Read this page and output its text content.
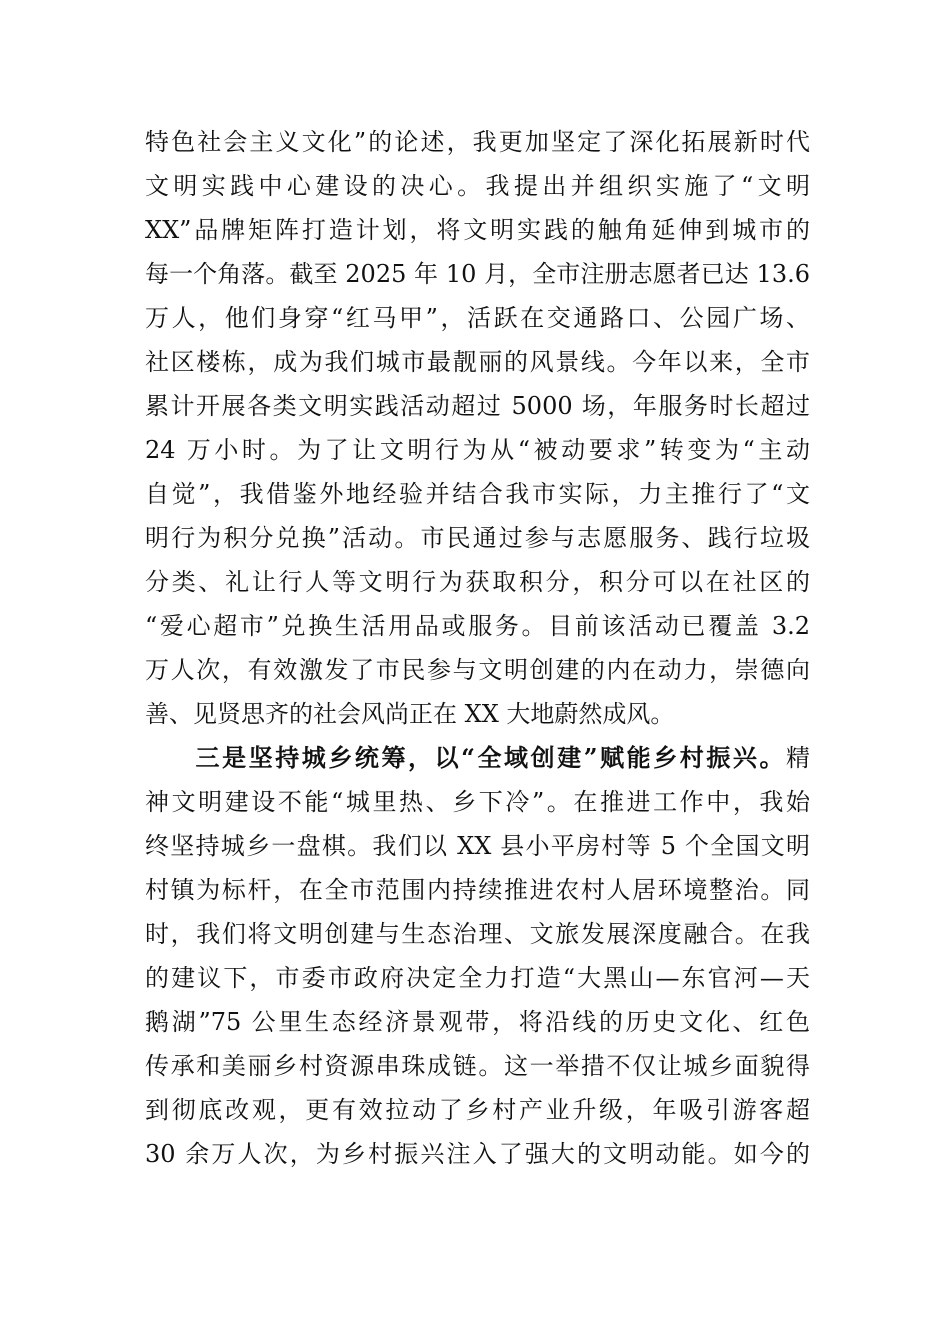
特色社会主义文化”的论述，我更加坚定了深化拓展新时代
文明实践中心建设的决心。我提出并组织实施了“文明
XX”品牌矩阵打造计划，将文明实践的触角延伸到城市的
每一个角落。截至 2025 年 10 月，全市注册志愿者已达 13.6
万人，他们身穿“红马甲”，活跃在交通路口、公园广场、
社区楼栋，成为我们城市最靓丽的风景线。今年以来，全市
累计开展各类文明实践活动超过 5000 场，年服务时长超过
24 万小时。为了让文明行为从“被动要求”转变为“主动
自觉”，我借鉴外地经验并结合我市实际，力主推行了“文
明行为积分兑换”活动。市民通过参与志愿服务、践行垃圾
分类、礼让行人等文明行为获取积分，积分可以在社区的
“爱心超市”兑换生活用品或服务。目前该活动已覆盖 3.2
万人次，有效激发了市民参与文明创建的内在动力，崇德向
善、见贤思齐的社会风尚正在 XX 大地蔚然成风。
三是坚持城乡统筹，以“全域创建”赋能乡村振兴。精
神文明建设不能“城里热、乡下冷”。在推进工作中，我始
终坚持城乡一盘棋。我们以 XX 县小平房村等 5 个全国文明
村镇为标杆，在全市范围内持续推进农村人居环境整治。同
时，我们将文明创建与生态治理、文旅发展深度融合。在我
的建议下，市委市政府决定全力打造“大黑山—东官河—天
鹅湖”75 公里生态经济景观带，将沿线的历史文化、红色
传承和美丽乡村资源串珠成链。这一举措不仅让城乡面貌得
到彻底改观，更有效拉动了乡村产业升级，年吸引游客超
30 余万人次，为乡村振兴注入了强大的文明动能。如今的
